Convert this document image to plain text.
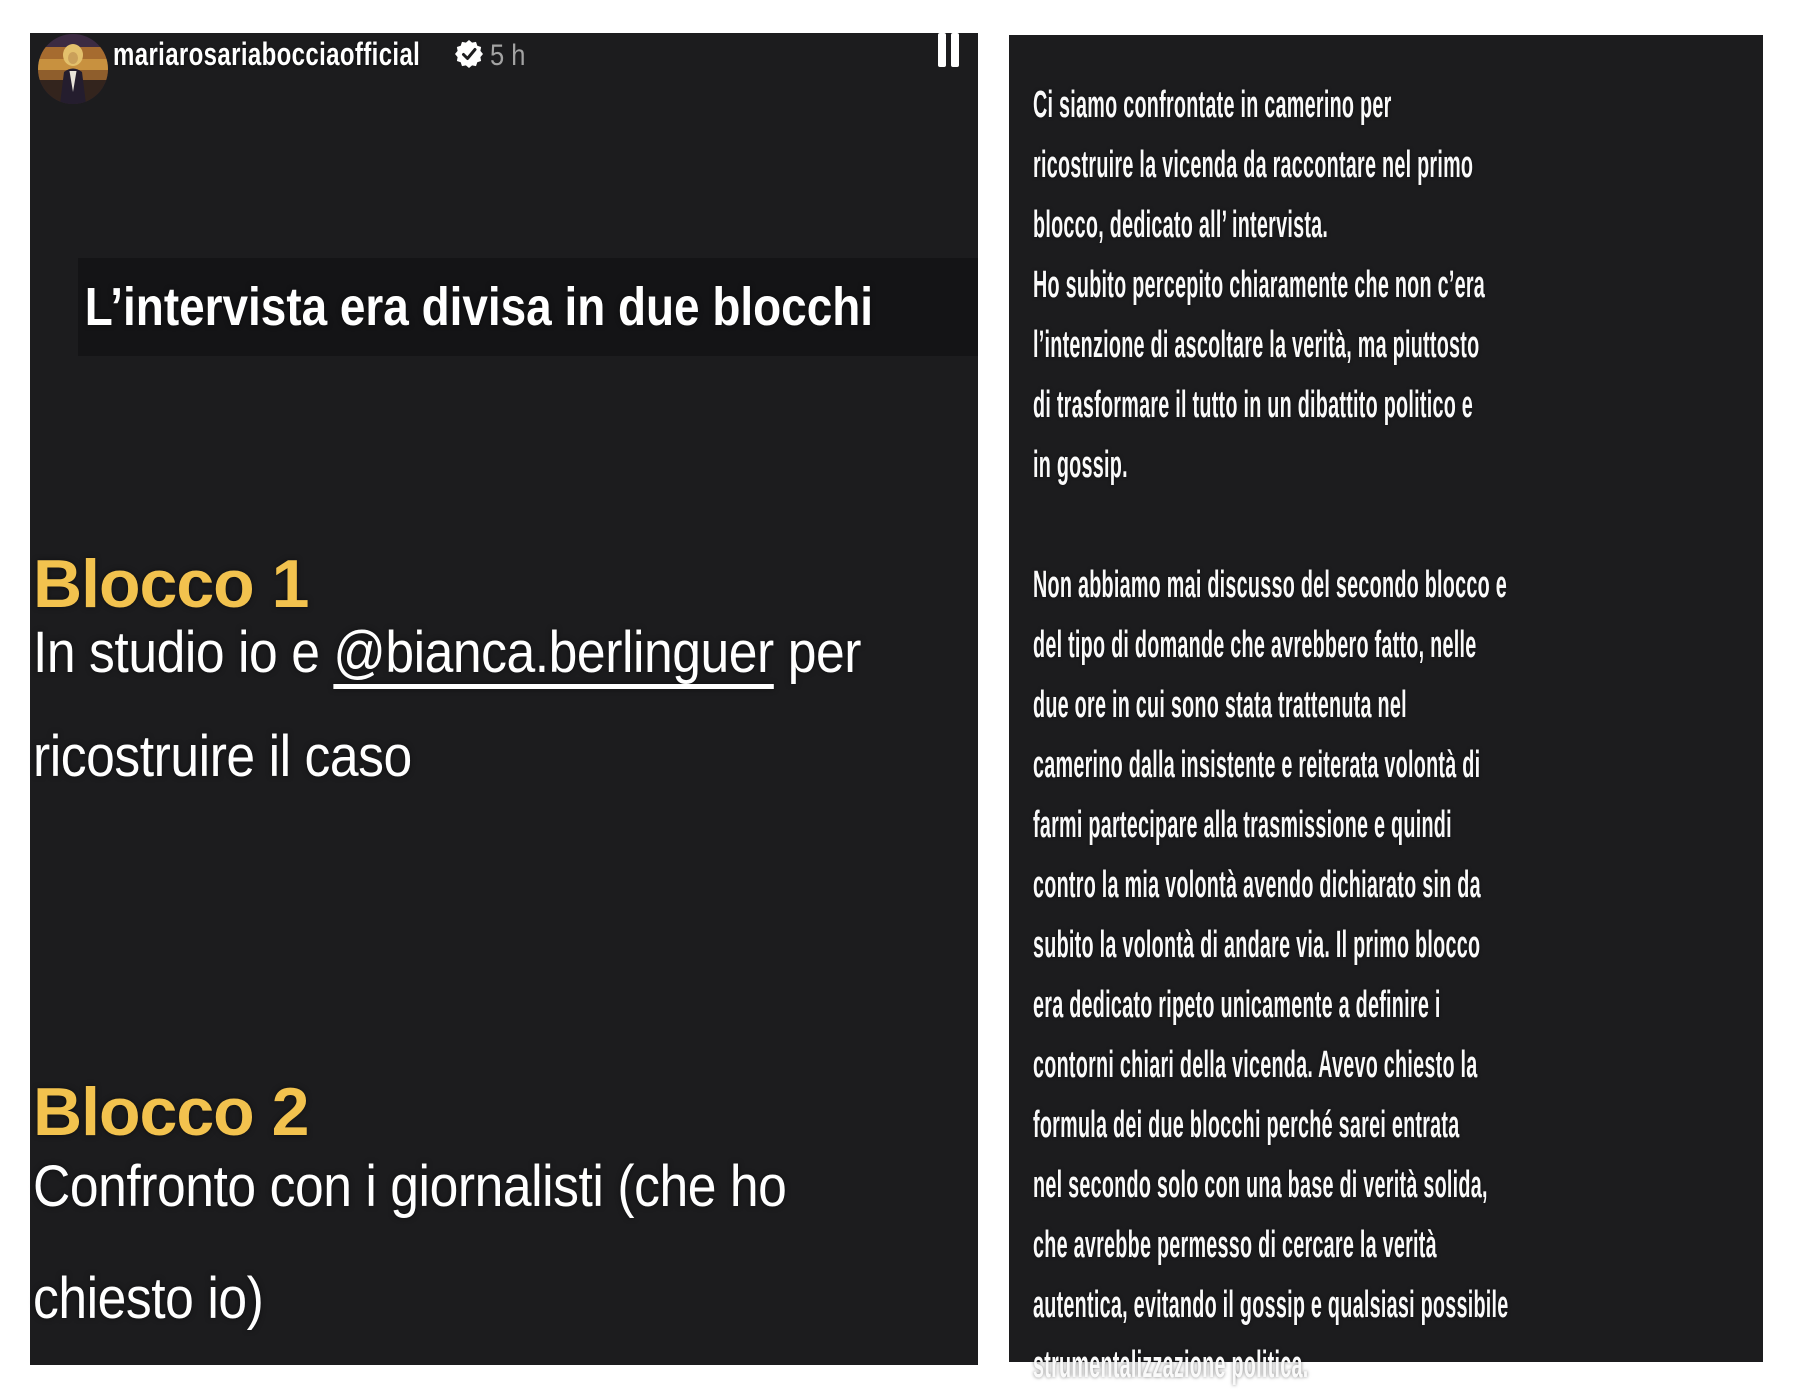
mariarosariabocciaofficial 5 h
L’intervista era divisa in due blocchi
Blocco 1
In studio io e @bianca.berlinguer per
ricostruire il caso
Blocco 2
Confronto con i giornalisti (che ho
chiesto io)
Ci siamo confrontate in camerino per
ricostruire la vicenda da raccontare nel primo
blocco, dedicato all’ intervista.
Ho subito percepito chiaramente che non c’era
l’intenzione di ascoltare la verità, ma piuttosto
di trasformare il tutto in un dibattito politico e
in gossip.
Non abbiamo mai discusso del secondo blocco e
del tipo di domande che avrebbero fatto, nelle
due ore in cui sono stata trattenuta nel
camerino dalla insistente e reiterata volontà di
farmi partecipare alla trasmissione e quindi
contro la mia volontà avendo dichiarato sin da
subito la volontà di andare via. Il primo blocco
era dedicato ripeto unicamente a definire i
contorni chiari della vicenda. Avevo chiesto la
formula dei due blocchi perché sarei entrata
nel secondo solo con una base di verità solida,
che avrebbe permesso di cercare la verità
autentica, evitando il gossip e qualsiasi possibile
strumentalizzazione politica.
